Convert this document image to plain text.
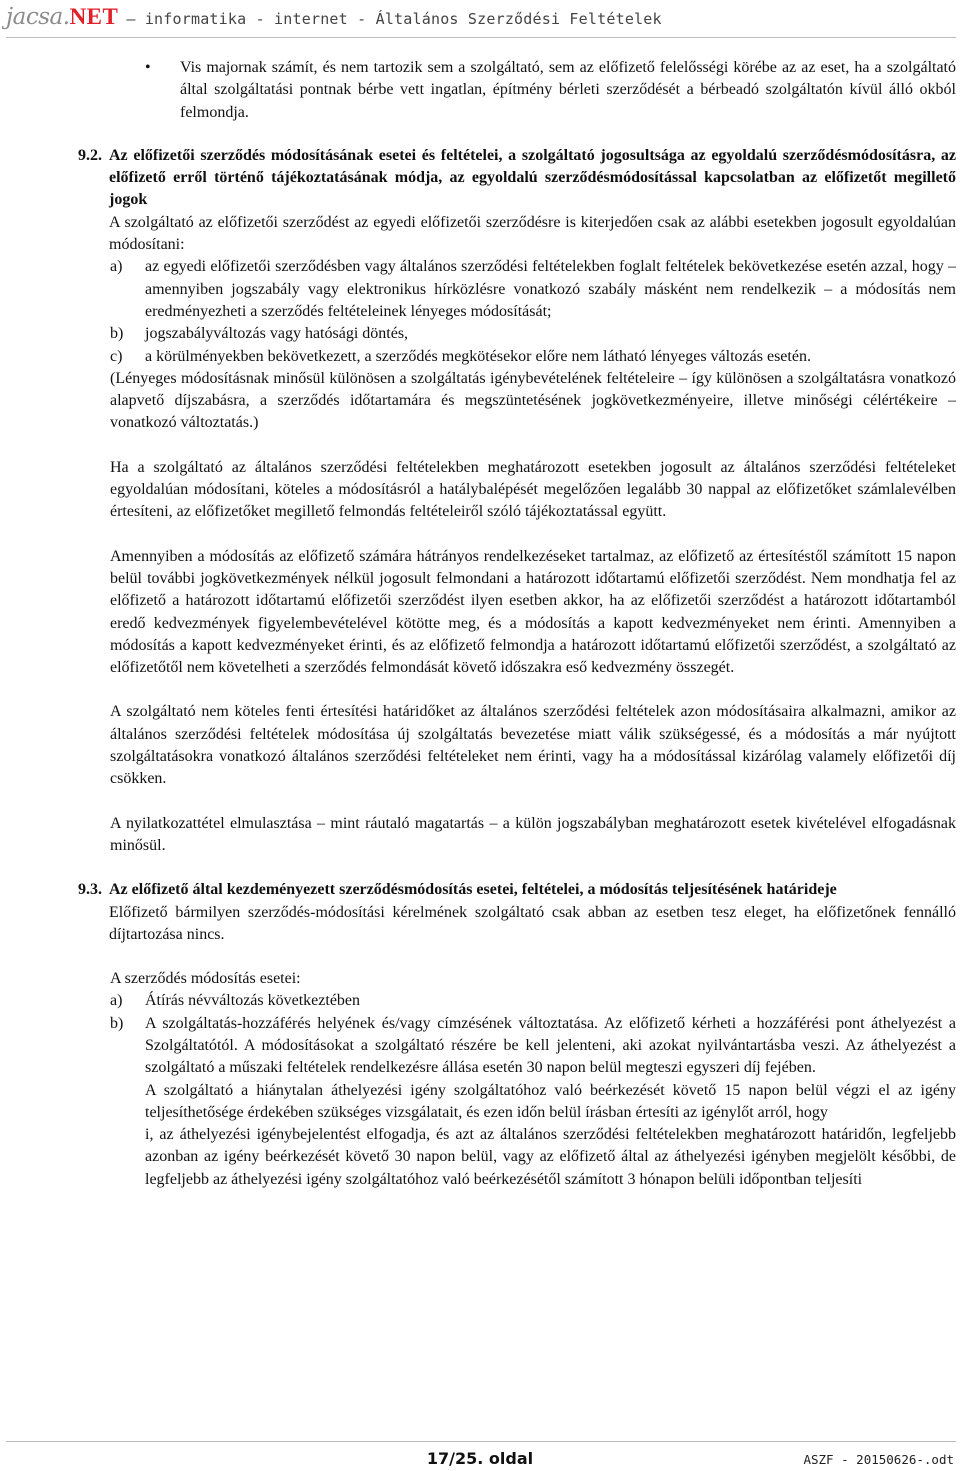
jacsa. NET – informatika - internet - Általános Szerződési Feltételek
• Vis majornak számít, és nem tartozik sem a szolgáltató, sem az előfizető felelősségi körébe az az eset, ha a szolgáltató által szolgáltatási pontnak bérbe vett ingatlan, építmény bérleti szerződését a bérbeadó szolgáltatón kívül álló okból felmondja.
9.2. Az előfizetői szerződés módosításának esetei és feltételei, a szolgáltató jogosultsága az egyoldalú szerződésmódosításra, az előfizető erről történő tájékoztatásának módja, az egyoldalú szerződésmódosítással kapcsolatban az előfizetőt megillető jogok
A szolgáltató az előfizetői szerződést az egyedi előfizetői szerződésre is kiterjedően csak az alábbi esetekben jogosult egyoldalúan módosítani:
a) az egyedi előfizetői szerződésben vagy általános szerződési feltételekben foglalt feltételek bekövetkezése esetén azzal, hogy – amennyiben jogszabály vagy elektronikus hírközlésre vonatkozó szabály másként nem rendelkezik – a módosítás nem eredményezheti a szerződés feltételeinek lényeges módosítását;
b) jogszabályváltozás vagy hatósági döntés,
c) a körülményekben bekövetkezett, a szerződés megkötésekor előre nem látható lényeges változás esetén.
(Lényeges módosításnak minősül különösen a szolgáltatás igénybevételének feltételeire – így különösen a szolgáltatásra vonatkozó alapvető díjszabásra, a szerződés időtartamára és megszüntetésének jogkövetkezményeire, illetve minőségi célértékeire – vonatkozó változtatás.)
Ha a szolgáltató az általános szerződési feltételekben meghatározott esetekben jogosult az általános szerződési feltételeket egyoldalúan módosítani, köteles a módosításról a hatálybalépését megelőzően legalább 30 nappal az előfizetőket számlalevélben értesíteni, az előfizetőket megillető felmondás feltételeiről szóló tájékoztatással együtt.
Amennyiben a módosítás az előfizető számára hátrányos rendelkezéseket tartalmaz, az előfizető az értesítéstől számított 15 napon belül további jogkövetkezmények nélkül jogosult felmondani a határozott időtartamú előfizetői szerződést. Nem mondhatja fel az előfizető a határozott időtartamú előfizetői szerződést ilyen esetben akkor, ha az előfizetői szerződést a határozott időtartamból eredő kedvezmények figyelembevételével kötötte meg, és a módosítás a kapott kedvezményeket nem érinti. Amennyiben a módosítás a kapott kedvezményeket érinti, és az előfizető felmondja a határozott időtartamú előfizetői szerződést, a szolgáltató az előfizetőtől nem követelheti a szerződés felmondását követő időszakra eső kedvezmény összegét.
A szolgáltató nem köteles fenti értesítési határidőket az általános szerződési feltételek azon módosításaira alkalmazni, amikor az általános szerződési feltételek módosítása új szolgáltatás bevezetése miatt válik szükségessé, és a módosítás a már nyújtott szolgáltatásokra vonatkozó általános szerződési feltételeket nem érinti, vagy ha a módosítással kizárólag valamely előfizetői díj csökken.
A nyilatkozattétel elmulasztása – mint ráutaló magatartás – a külön jogszabályban meghatározott esetek kivételével elfogadásnak minősül.
9.3. Az előfizető által kezdeményezett szerződésmódosítás esetei, feltételei, a módosítás teljesítésének határideje
Előfizető bármilyen szerződés-módosítási kérelmének szolgáltató csak abban az esetben tesz eleget, ha előfizetőnek fennálló díjtartozása nincs.
A szerződés módosítás esetei:
a) Átírás névváltozás következtében
b) A szolgáltatás-hozzáférés helyének és/vagy címzésének változtatása. Az előfizető kérheti a hozzáférési pont áthelyezést a Szolgáltatótól. A módosításokat a szolgáltató részére be kell jelenteni, aki azokat nyilvántartásba veszi. Az áthelyezést a szolgáltató a műszaki feltételek rendelkezésre állása esetén 30 napon belül megteszi egyszeri díj fejében.
A szolgáltató a hiánytalan áthelyezési igény szolgáltatóhoz való beérkezését követő 15 napon belül végzi el az igény teljesíthetősége érdekében szükséges vizsgálatait, és ezen időn belül írásban értesíti az igénylőt arról, hogy
i, az áthelyezési igénybejelentést elfogadja, és azt az általános szerződési feltételekben meghatározott határidőn, legfeljebb azonban az igény beérkezését követő 30 napon belül, vagy az előfizető által az áthelyezési igényben megjelölt későbbi, de legfeljebb az áthelyezési igény szolgáltatóhoz való beérkezésétől számított 3 hónapon belüli időpontban teljesíti
17/25. oldal	ASZF - 20150626-.odt
